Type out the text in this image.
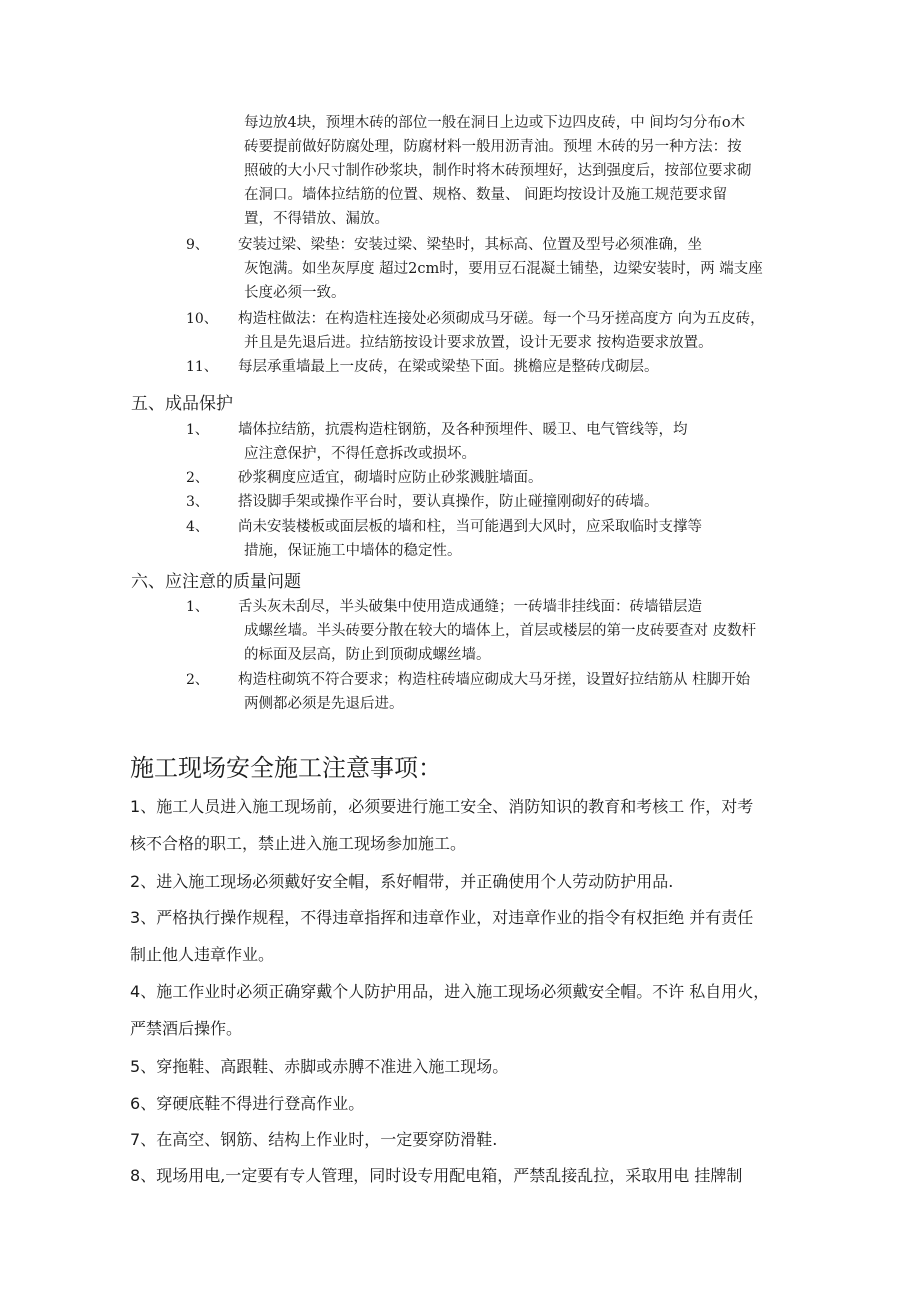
每边放4块，预埋木砖的部位一般在洞日上边或下边四皮砖，中 间均匀分布o木
砖要提前做好防腐处理，防腐材料一般用沥青油。预埋 木砖的另一种方法：按
照破的大小尺寸制作砂浆块，制作时将木砖预埋好，达到强度后，按部位要求砌
在洞口。墙体拉结筋的位置、规格、数量、 间距均按设计及施工规范要求留
置，不得错放、漏放。
9、 安装过梁、梁垫：安装过梁、梁垫时，其标高、位置及型号必须准确，坐
灰饱满。如坐灰厚度 超过2cm时，要用豆石混凝土铺垫，边梁安装时，两 端支座
长度必须一致。
10、 构造柱做法：在构造柱连接处必须砌成马牙磋。每一个马牙搓高度方 向为五皮砖，
并且是先退后进。拉结筋按设计要求放置，设计无要求 按构造要求放置。
11、 每层承重墙最上一皮砖，在梁或梁垫下面。挑檐应是整砖戊砌层。
五、成品保护
1、 墙体拉结筋，抗震构造柱钢筋，及各种预埋件、暖卫、电气管线等，均
应注意保护，不得任意拆改或损坏。
2、 砂浆稠度应适宜，砌墙时应防止砂浆溅脏墙面。
3、 搭设脚手架或操作平台时，要认真操作，防止碰撞刚砌好的砖墙。
4、 尚未安装楼板或面层板的墙和柱，当可能遇到大风时，应采取临时支撑等
措施，保证施工中墙体的稳定性。
六、应注意的质量问题
1、 舌头灰未刮尽，半头破集中使用造成通缝；一砖墙非挂线面：砖墙错层造
成螺丝墙。半头砖要分散在较大的墙体上，首层或楼层的第一皮砖要查对 皮数杆
的标面及层高，防止到顶砌成螺丝墙。
2、 构造柱砌筑不符合要求；构造柱砖墙应砌成大马牙搓，设置好拉结筋从 柱脚开始
两侧都必须是先退后进。
施工现场安全施工注意事项：
1、施工人员进入施工现场前，必须要进行施工安全、消防知识的教育和考核工 作，对考
核不合格的职工，禁止进入施工现场参加施工。
2、进入施工现场必须戴好安全帽，系好帽带，并正确使用个人劳动防护用品.
3、严格执行操作规程，不得违章指挥和违章作业，对违章作业的指令有权拒绝 并有责任
制止他人违章作业。
4、施工作业时必须正确穿戴个人防护用品，进入施工现场必须戴安全帽。不许 私自用火，
严禁酒后操作。
5、穿拖鞋、高跟鞋、赤脚或赤膊不准进入施工现场。
6、穿硬底鞋不得进行登高作业。
7、在高空、钢筋、结构上作业时，一定要穿防滑鞋.
8、现场用电,一定要有专人管理，同时设专用配电箱，严禁乱接乱拉，采取用电 挂牌制
